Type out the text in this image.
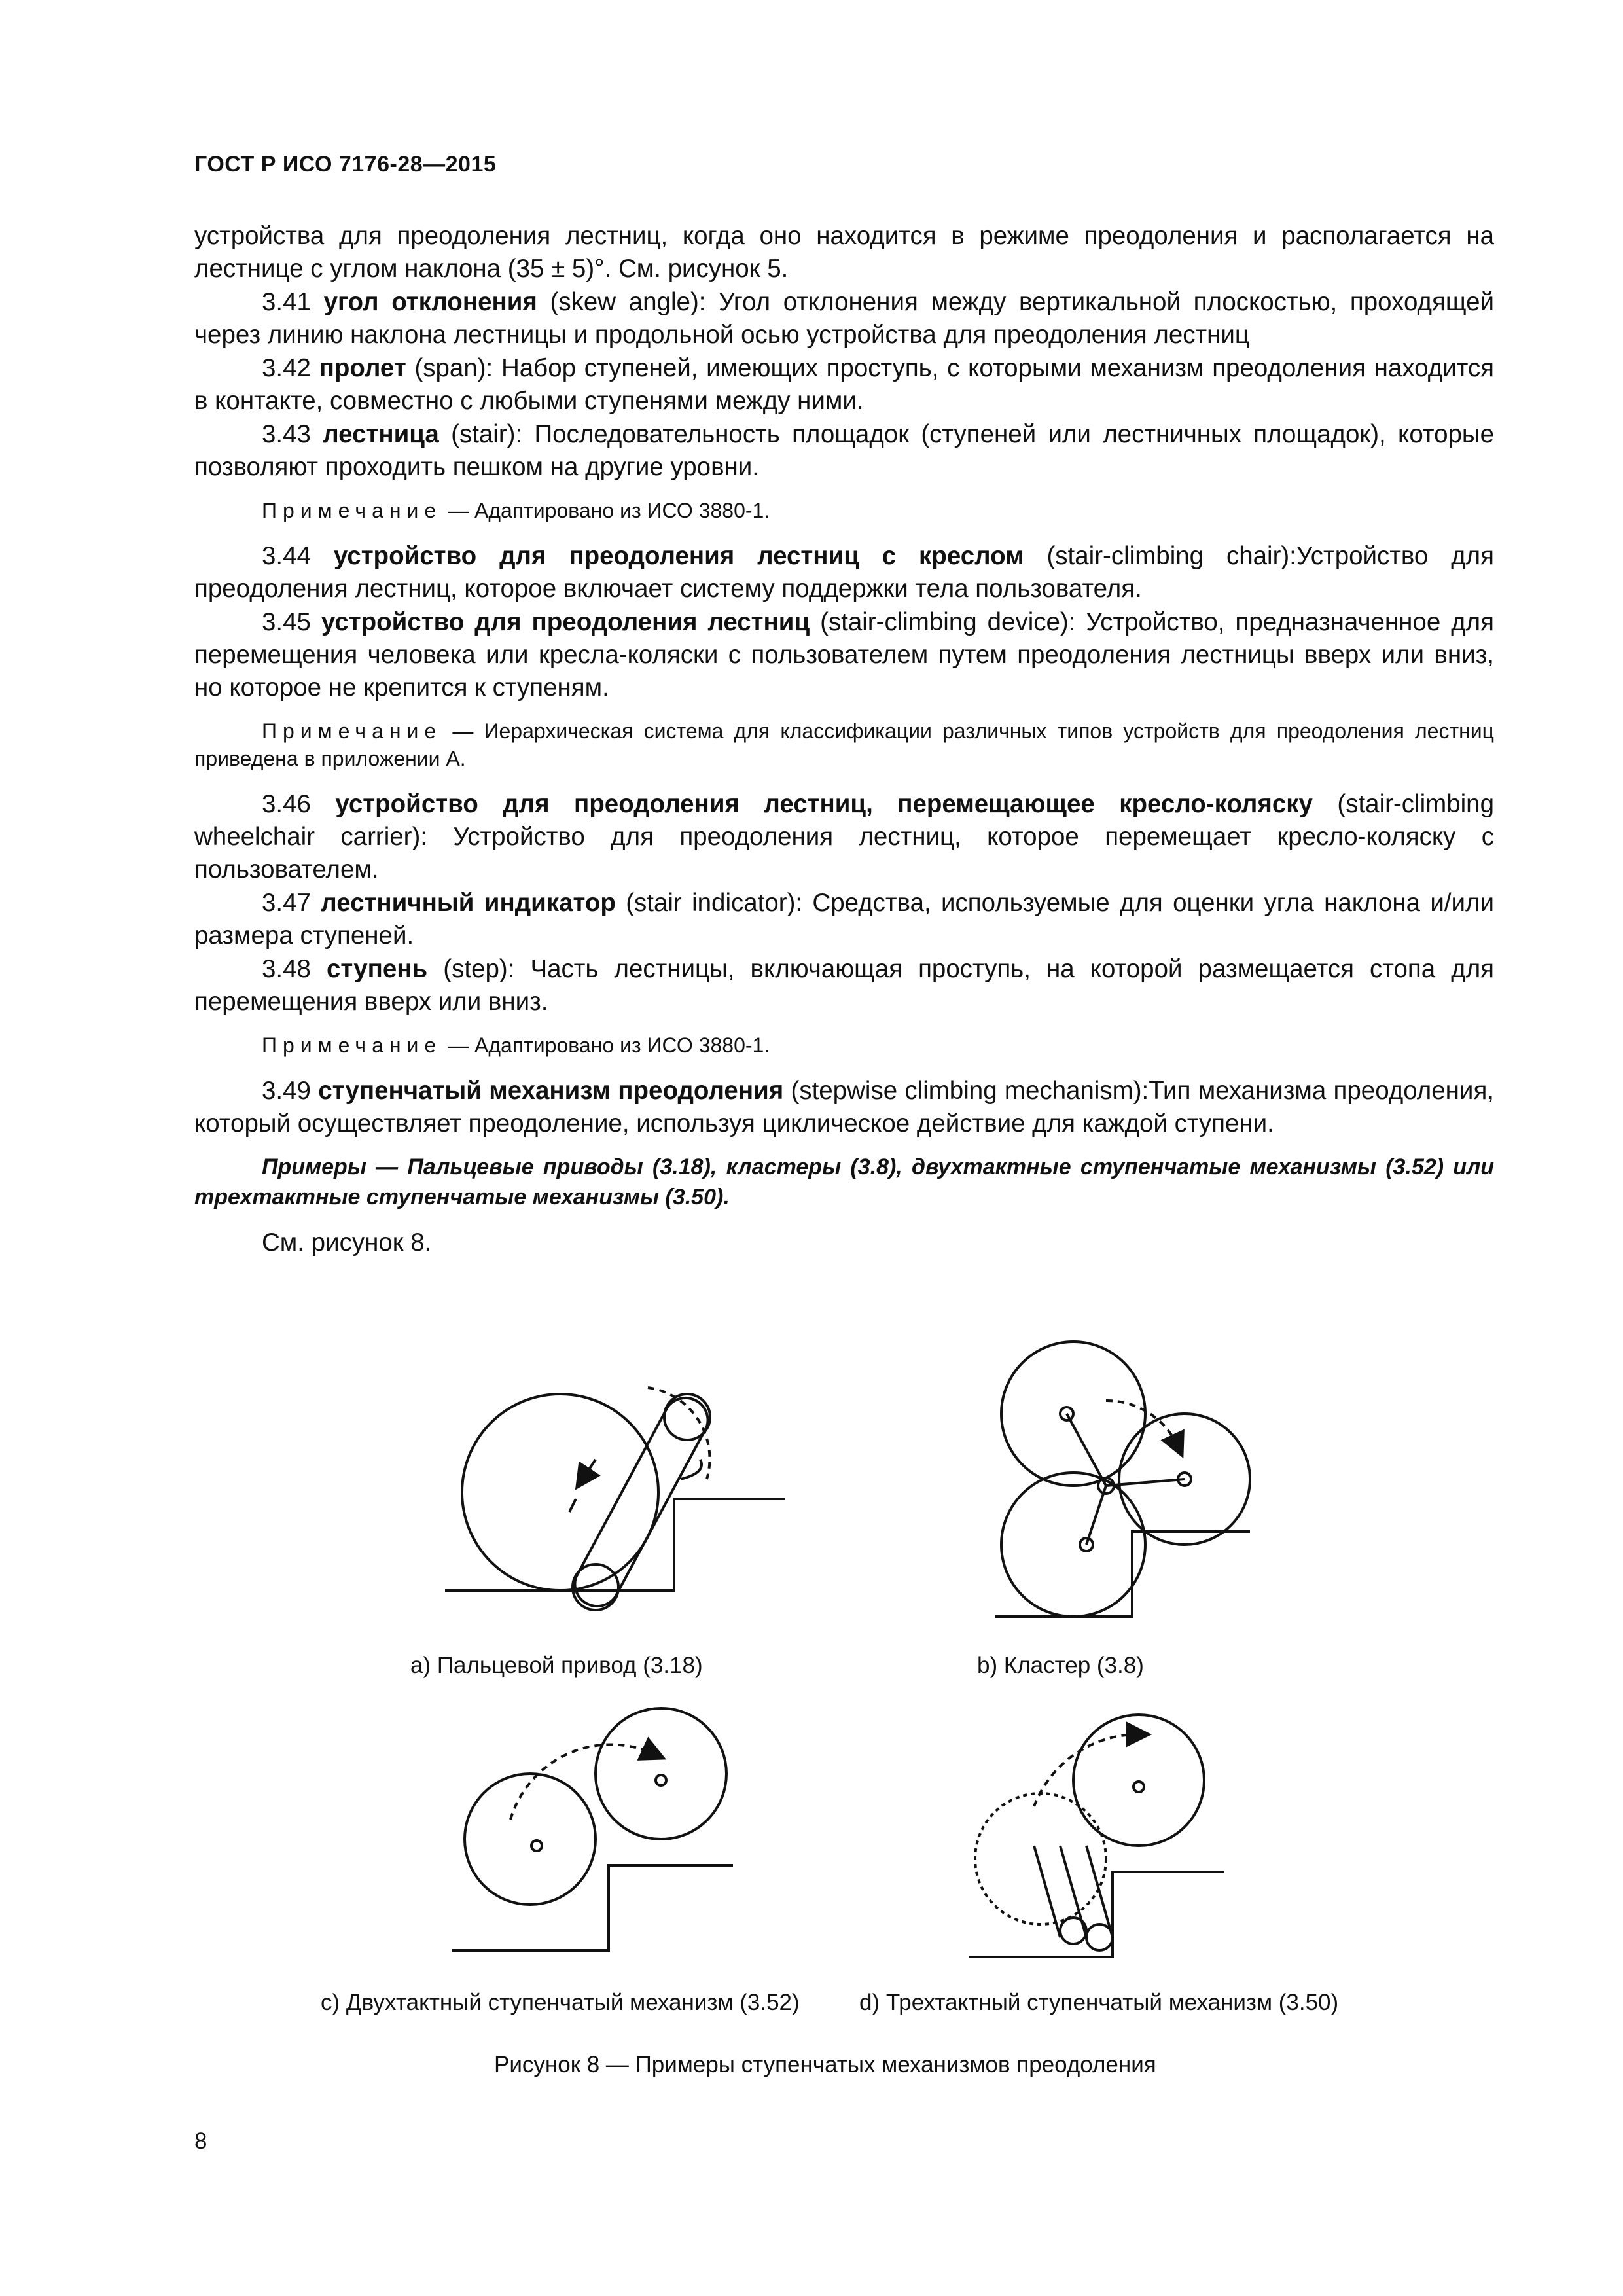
ГОСТ Р ИСО 7176-28—2015

устройства для преодоления лестниц, когда оно находится в режиме преодоления и располагается на лестнице с углом наклона (35 ± 5)°. См. рисунок 5.

3.41 угол отклонения (skew angle): Угол отклонения между вертикальной плоскостью, проходящей через линию наклона лестницы и продольной осью устройства для преодоления лестниц

3.42 пролет (span): Набор ступеней, имеющих проступь, с которыми механизм преодоления находится в контакте, совместно с любыми ступенями между ними.

3.43 лестница (stair): Последовательность площадок (ступеней или лестничных площадок), которые позволяют проходить пешком на другие уровни.

Примечание — Адаптировано из ИСО 3880-1.

3.44 устройство для преодоления лестниц с креслом (stair-climbing chair):Устройство для преодоления лестниц, которое включает систему поддержки тела пользователя.

3.45 устройство для преодоления лестниц (stair-climbing device): Устройство, предназначенное для перемещения человека или кресла-коляски с пользователем путем преодоления лестницы вверх или вниз, но которое не крепится к ступеням.

Примечание — Иерархическая система для классификации различных типов устройств для преодоления лестниц приведена в приложении А.

3.46 устройство для преодоления лестниц, перемещающее кресло-коляску (stair-climbing wheelchair carrier): Устройство для преодоления лестниц, которое перемещает кресло-коляску с пользователем.

3.47 лестничный индикатор (stair indicator): Средства, используемые для оценки угла наклона и/или размера ступеней.

3.48 ступень (step): Часть лестницы, включающая проступь, на которой размещается стопа для перемещения вверх или вниз.

Примечание — Адаптировано из ИСО 3880-1.

3.49 ступенчатый механизм преодоления (stepwise climbing mechanism):Тип механизма преодоления, который осуществляет преодоление, используя циклическое действие для каждой ступени.

Примеры — Пальцевые приводы (3.18), кластеры (3.8), двухтактные ступенчатые механизмы (3.52) или трехтактные ступенчатые механизмы (3.50).

См. рисунок 8.

а) Пальцевой привод (3.18)	b) Кластер (3.8)
с) Двухтактный ступенчатый механизм (3.52)	d) Трехтактный ступенчатый механизм (3.50)
Рисунок 8 — Примеры ступенчатых механизмов преодоления
8
